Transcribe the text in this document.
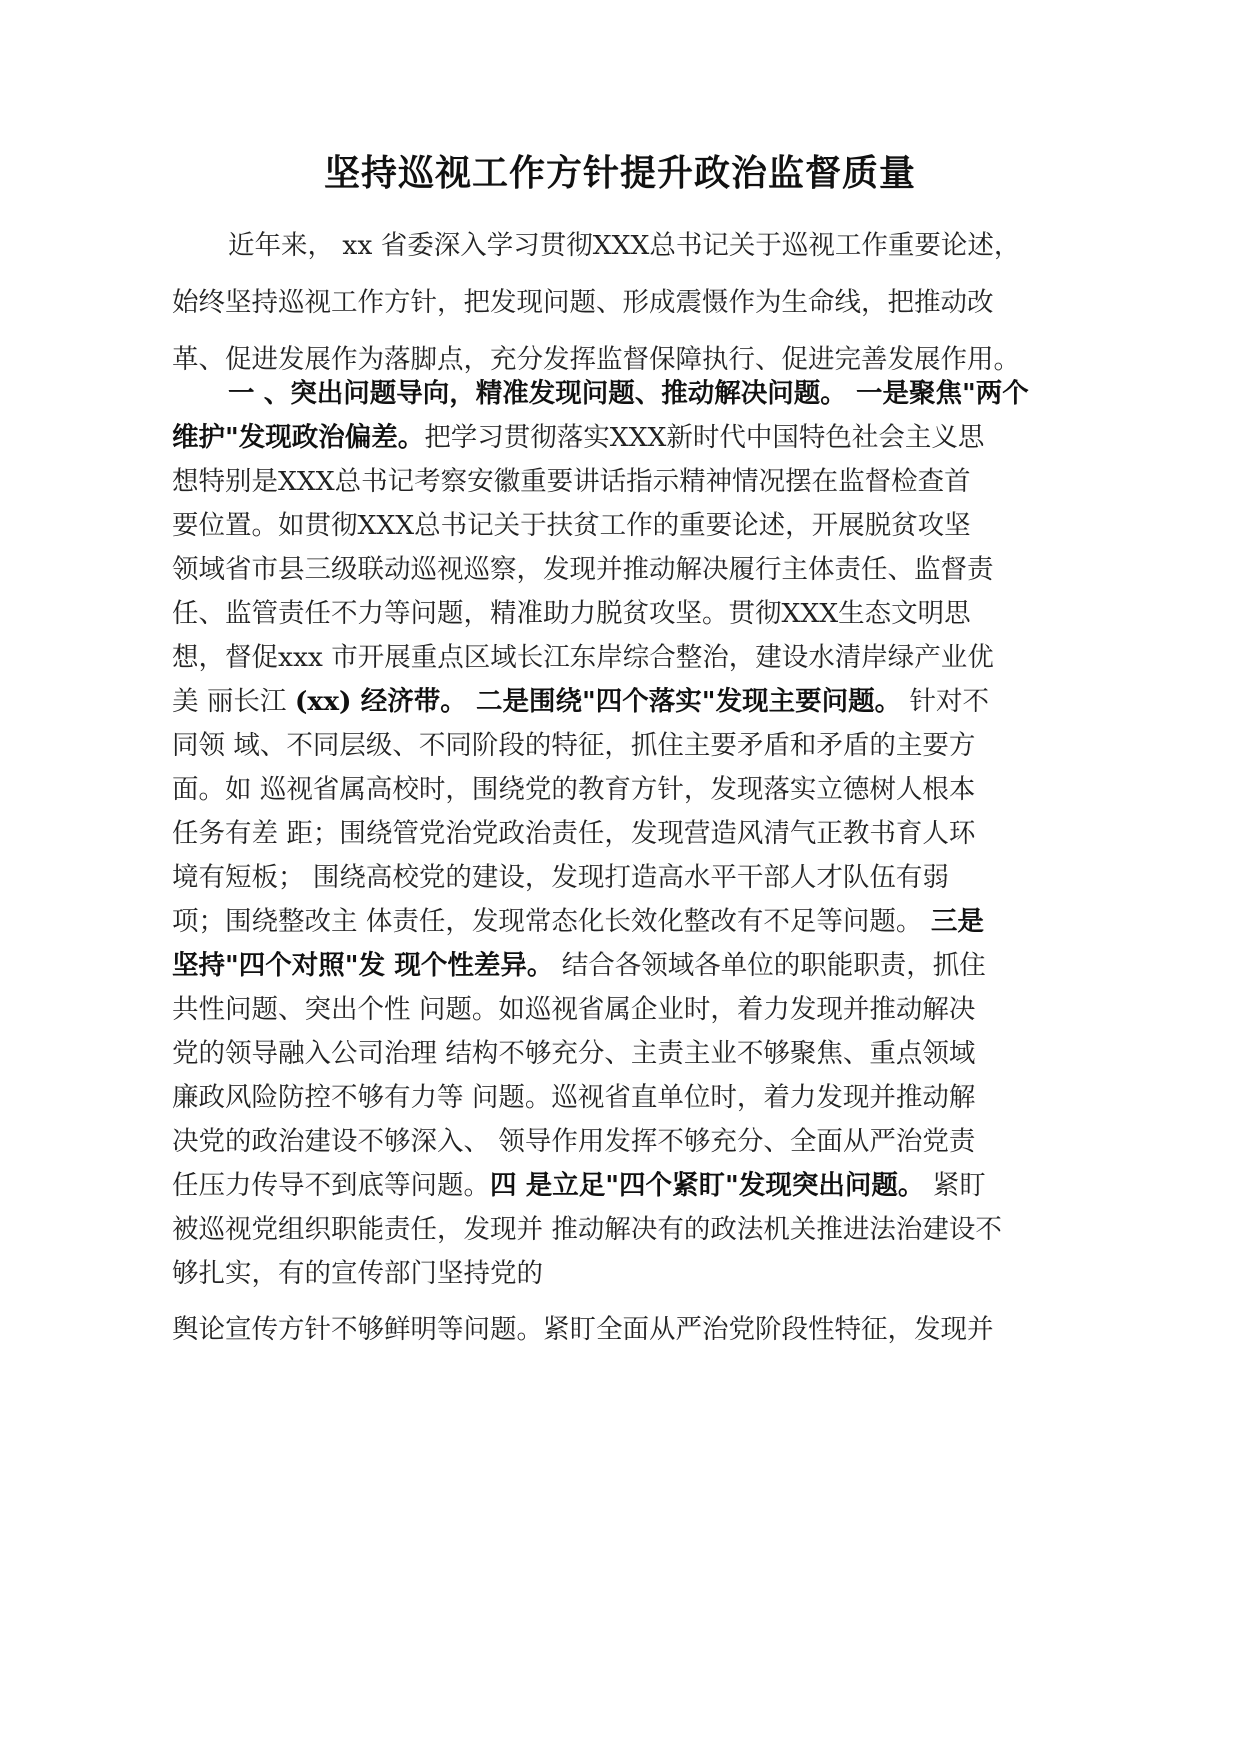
坚持巡视工作方针提升政治监督质量
近年来， xx 省委深入学习贯彻XXX总书记关于巡视工作重要论述，
始终坚持巡视工作方针，把发现问题、形成震慑作为生命线，把推动改
革、促进发展作为落脚点，充分发挥监督保障执行、促进完善发展作用。
一 、突出问题导向，精准发现问题、推动解决问题。 一是聚焦"两个
维护"发现政治偏差。把学习贯彻落实XXX新时代中国特色社会主义思
想特别是XXX总书记考察安徽重要讲话指示精神情况摆在监督检查首
要位置。如贯彻XXX总书记关于扶贫工作的重要论述，开展脱贫攻坚
领域省市县三级联动巡视巡察，发现并推动解决履行主体责任、监督责
任、监管责任不力等问题，精准助力脱贫攻坚。贯彻XXX生态文明思
想，督促xxx 市开展重点区域长江东岸综合整治，建设水清岸绿产业优
美 丽长江 (xx) 经济带。 二是围绕"四个落实"发现主要问题。 针对不
同领 域、不同层级、不同阶段的特征，抓住主要矛盾和矛盾的主要方
面。如 巡视省属高校时，围绕党的教育方针，发现落实立德树人根本
任务有差 距；围绕管党治党政治责任，发现营造风清气正教书育人环
境有短板； 围绕高校党的建设，发现打造高水平干部人才队伍有弱
项；围绕整改主 体责任，发现常态化长效化整改有不足等问题。 三是
坚持"四个对照"发 现个性差异。 结合各领域各单位的职能职责，抓住
共性问题、突出个性 问题。如巡视省属企业时，着力发现并推动解决
党的领导融入公司治理 结构不够充分、主责主业不够聚焦、重点领域
廉政风险防控不够有力等 问题。巡视省直单位时，着力发现并推动解
决党的政治建设不够深入、 领导作用发挥不够充分、全面从严治党责
任压力传导不到底等问题。四 是立足"四个紧盯"发现突出问题。 紧盯
被巡视党组织职能责任，发现并 推动解决有的政法机关推进法治建设不
够扎实，有的宣传部门坚持党的
舆论宣传方针不够鲜明等问题。紧盯全面从严治党阶段性特征，发现并
